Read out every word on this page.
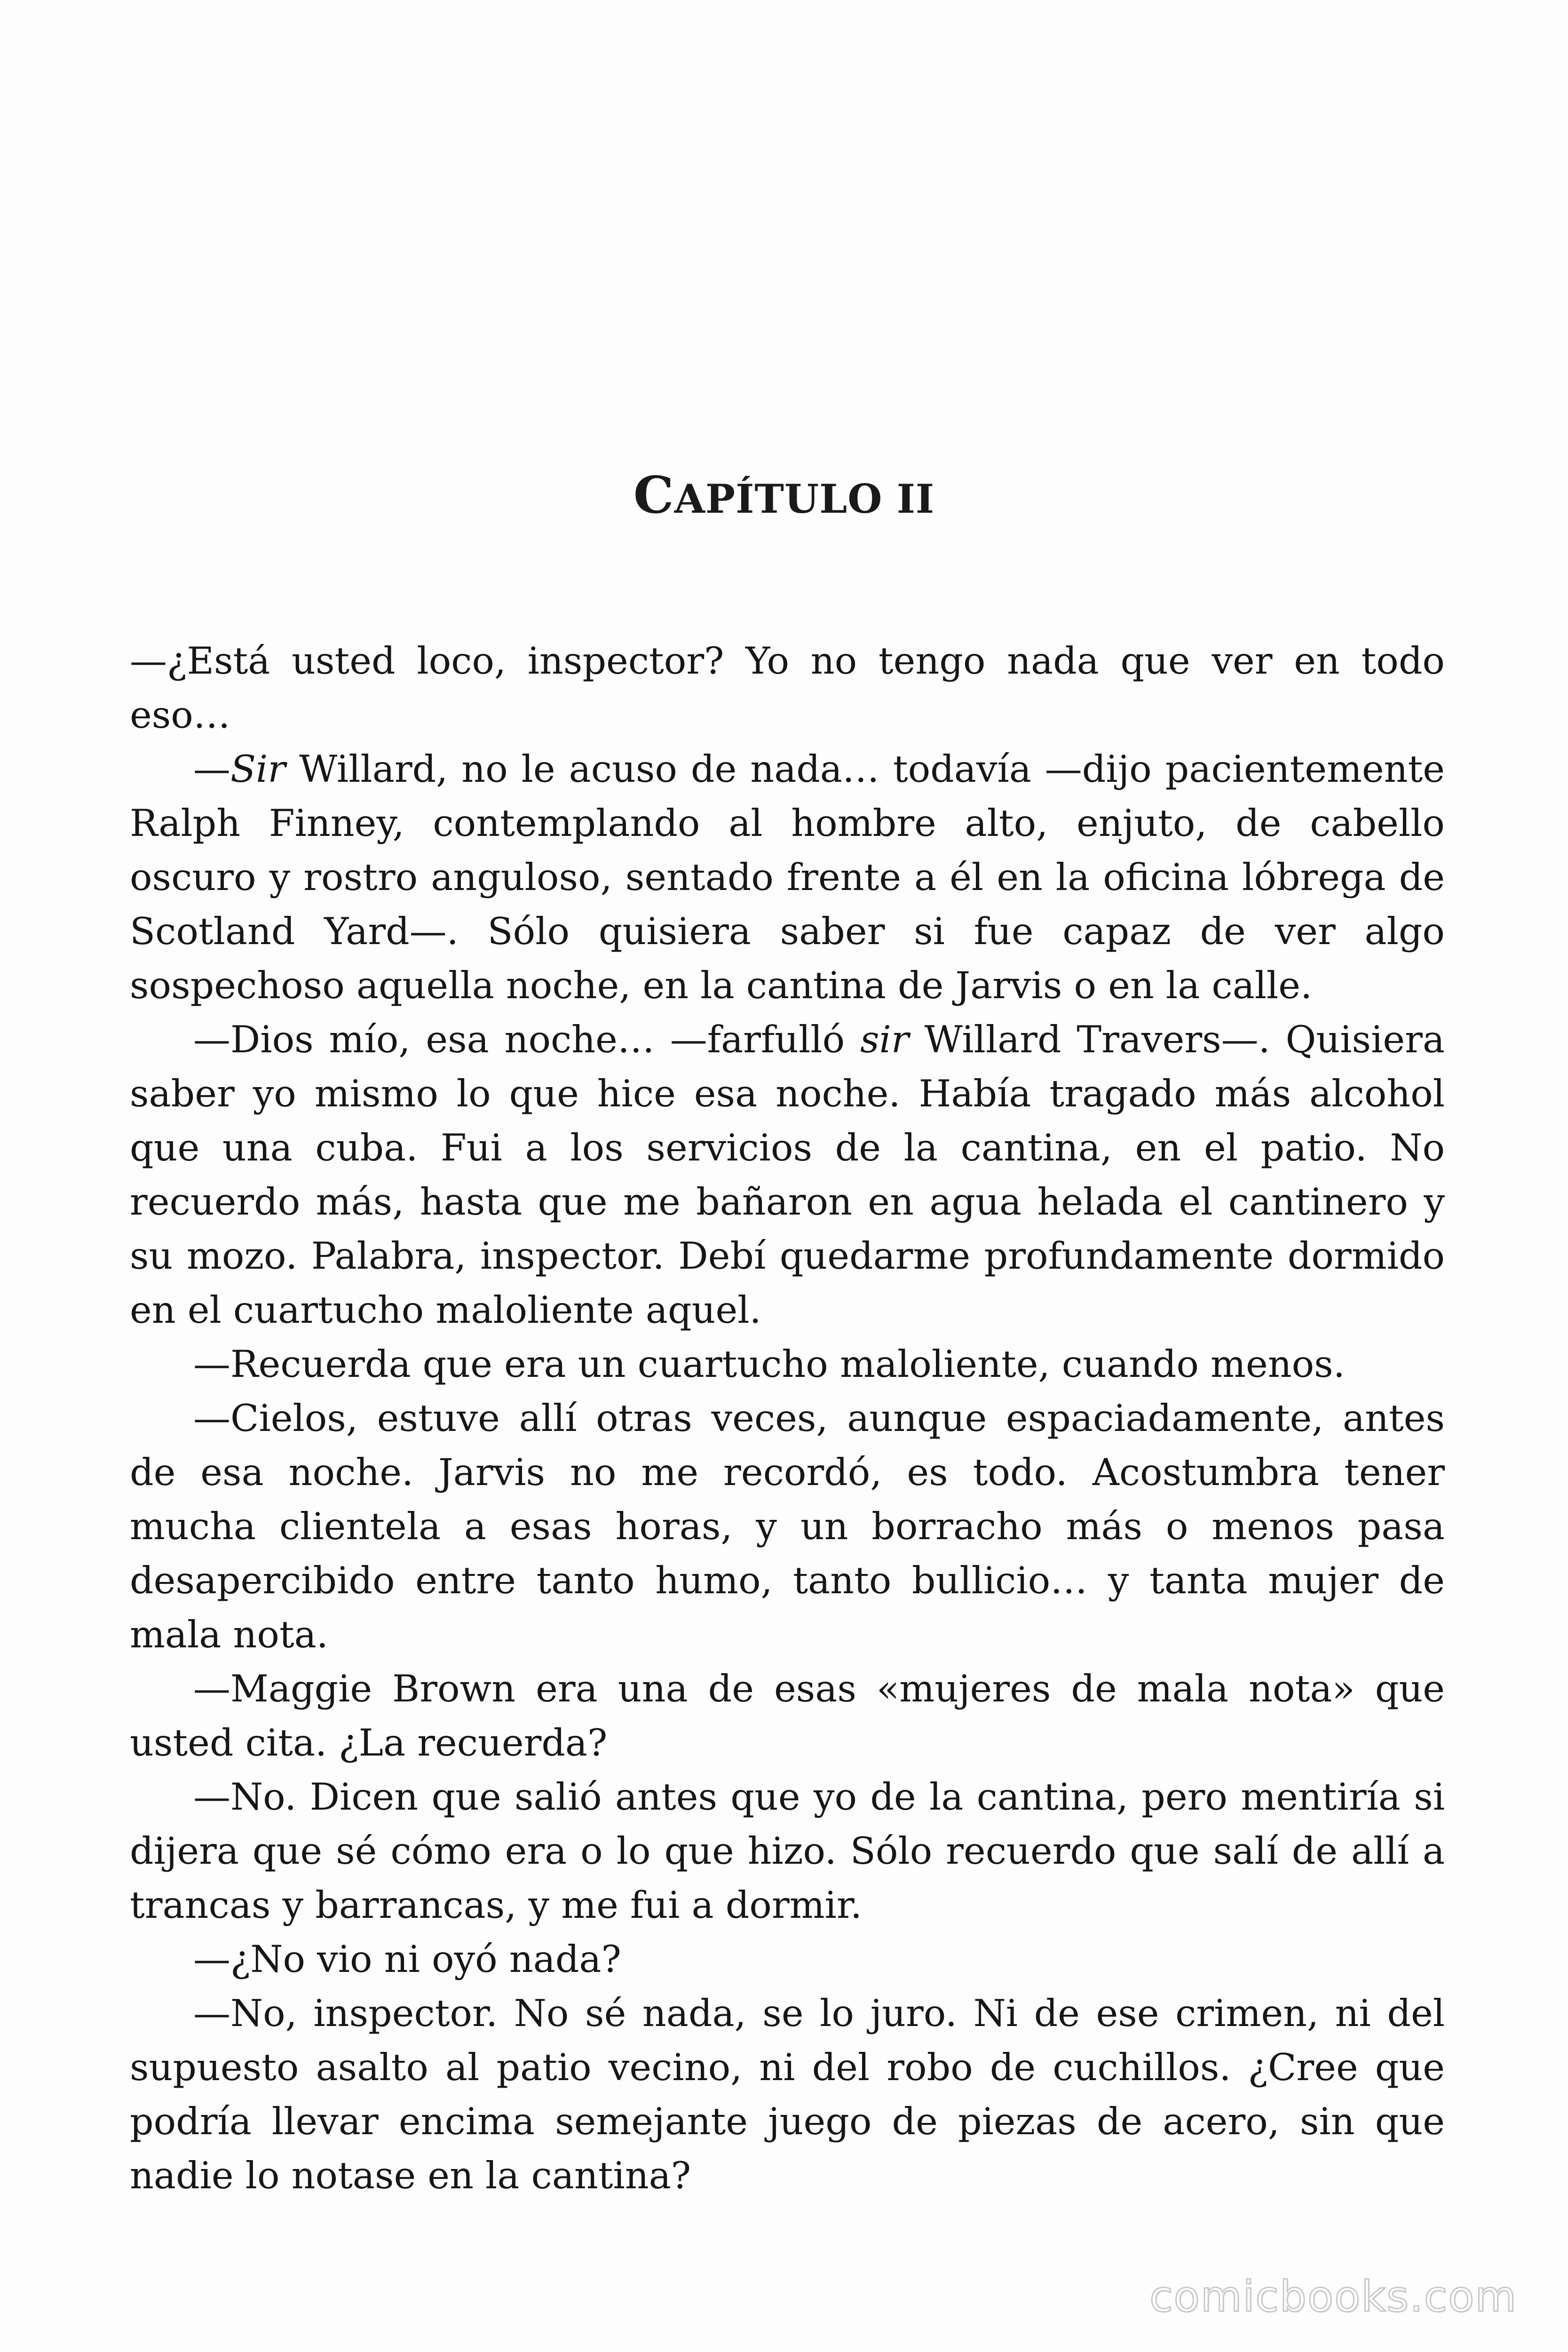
CAPÍTULO II

—¿Está usted loco, inspector? Yo no tengo nada que ver en todo eso…

—Sir Willard, no le acuso de nada… todavía —dijo pacientemente Ralph Finney, contemplando al hombre alto, enjuto, de cabello oscuro y rostro anguloso, sentado frente a él en la oficina lóbrega de Scotland Yard—. Sólo quisiera saber si fue capaz de ver algo sospechoso aquella noche, en la cantina de Jarvis o en la calle.

—Dios mío, esa noche… —farfulló sir Willard Travers—. Quisiera saber yo mismo lo que hice esa noche. Había tragado más alcohol que una cuba. Fui a los servicios de la cantina, en el patio. No recuerdo más, hasta que me bañaron en agua helada el cantinero y su mozo. Palabra, inspector. Debí quedarme profundamente dormido en el cuartucho maloliente aquel.

—Recuerda que era un cuartucho maloliente, cuando menos.

—Cielos, estuve allí otras veces, aunque espaciadamente, antes de esa noche. Jarvis no me recordó, es todo. Acostumbra tener mucha clientela a esas horas, y un borracho más o menos pasa desapercibido entre tanto humo, tanto bullicio… y tanta mujer de mala nota.

—Maggie Brown era una de esas «mujeres de mala nota» que usted cita. ¿La recuerda?

—No. Dicen que salió antes que yo de la cantina, pero mentiría si dijera que sé cómo era o lo que hizo. Sólo recuerdo que salí de allí a trancas y barrancas, y me fui a dormir.

—¿No vio ni oyó nada?

—No, inspector. No sé nada, se lo juro. Ni de ese crimen, ni del supuesto asalto al patio vecino, ni del robo de cuchillos. ¿Cree que podría llevar encima semejante juego de piezas de acero, sin que nadie lo notase en la cantina?

comicbooks.com
